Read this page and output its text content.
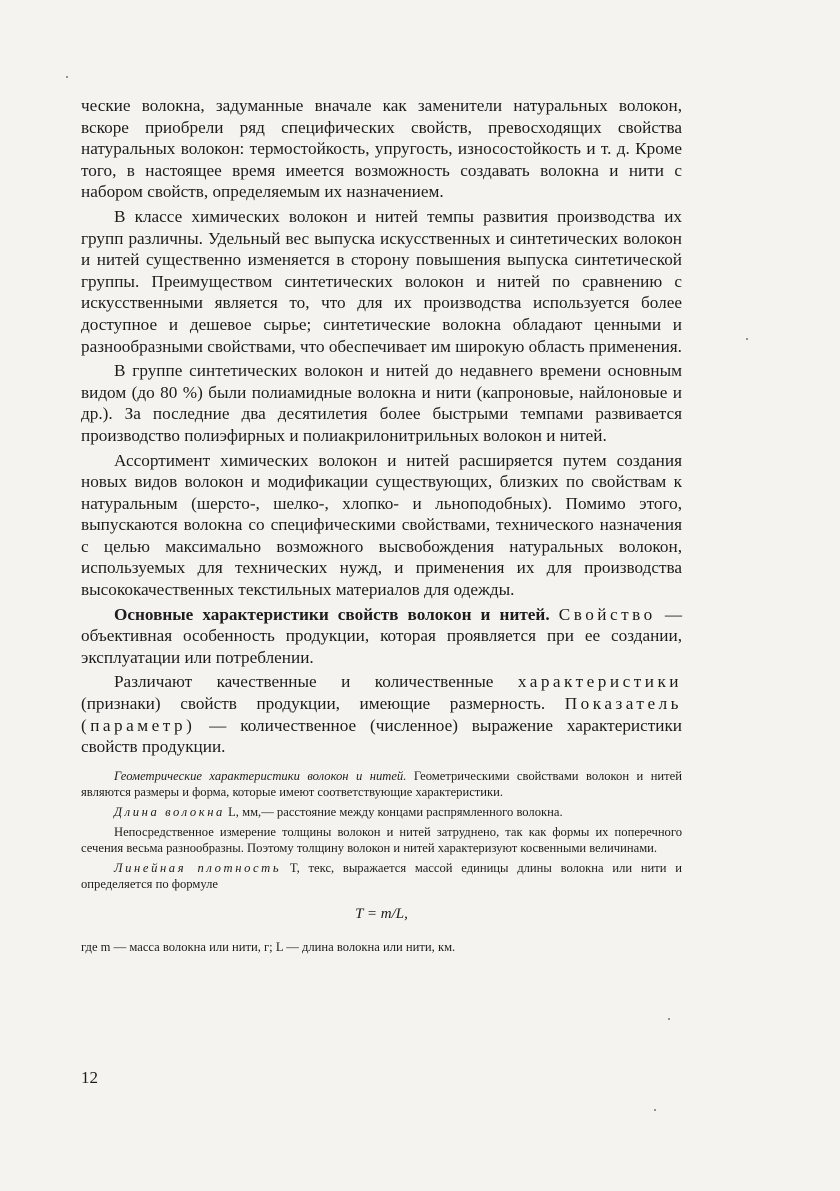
ческие волокна, задуманные вначале как заменители натуральных волокон, вскоре приобрели ряд специфических свойств, превосходящих свойства натуральных волокон: термостойкость, упругость, износостойкость и т. д. Кроме того, в настоящее время имеется возможность создавать волокна и нити с набором свойств, определяемым их назначением.

В классе химических волокон и нитей темпы развития производства их групп различны. Удельный вес выпуска искусственных и синтетических волокон и нитей существенно изменяется в сторону повышения выпуска синтетической группы. Преимуществом синтетических волокон и нитей по сравнению с искусственными является то, что для их производства используется более доступное и дешевое сырье; синтетические волокна обладают ценными и разнообразными свойствами, что обеспечивает им широкую область применения.

В группе синтетических волокон и нитей до недавнего времени основным видом (до 80 %) были полиамидные волокна и нити (капроновые, найлоновые и др.). За последние два десятилетия более быстрыми темпами развивается производство полиэфирных и полиакрилонитрильных волокон и нитей.

Ассортимент химических волокон и нитей расширяется путем создания новых видов волокон и модификации существующих, близких по свойствам к натуральным (шерсто-, шелко-, хлопко- и льноподобных). Помимо этого, выпускаются волокна со специфическими свойствами, технического назначения с целью максимально возможного высвобождения натуральных волокон, используемых для технических нужд, и применения их для производства высококачественных текстильных материалов для одежды.

Основные характеристики свойств волокон и нитей. Свойство — объективная особенность продукции, которая проявляется при ее создании, эксплуатации или потреблении.

Различают качественные и количественные характеристики (признаки) свойств продукции, имеющие размерность. Показатель (параметр) — количественное (численное) выражение характеристики свойств продукции.

Геометрические характеристики волокон и нитей. Геометрическими свойствами волокон и нитей являются размеры и форма, которые имеют соответствующие характеристики.

Длина волокна L, мм,— расстояние между концами распрямленного волокна.

Непосредственное измерение толщины волокон и нитей затруднено, так как формы их поперечного сечения весьма разнообразны. Поэтому толщину волокон и нитей характеризуют косвенными величинами.

Линейная плотность T, текс, выражается массой единицы длины волокна или нити и определяется по формуле

T = m/L,

где m — масса волокна или нити, г; L — длина волокна или нити, км.

12
